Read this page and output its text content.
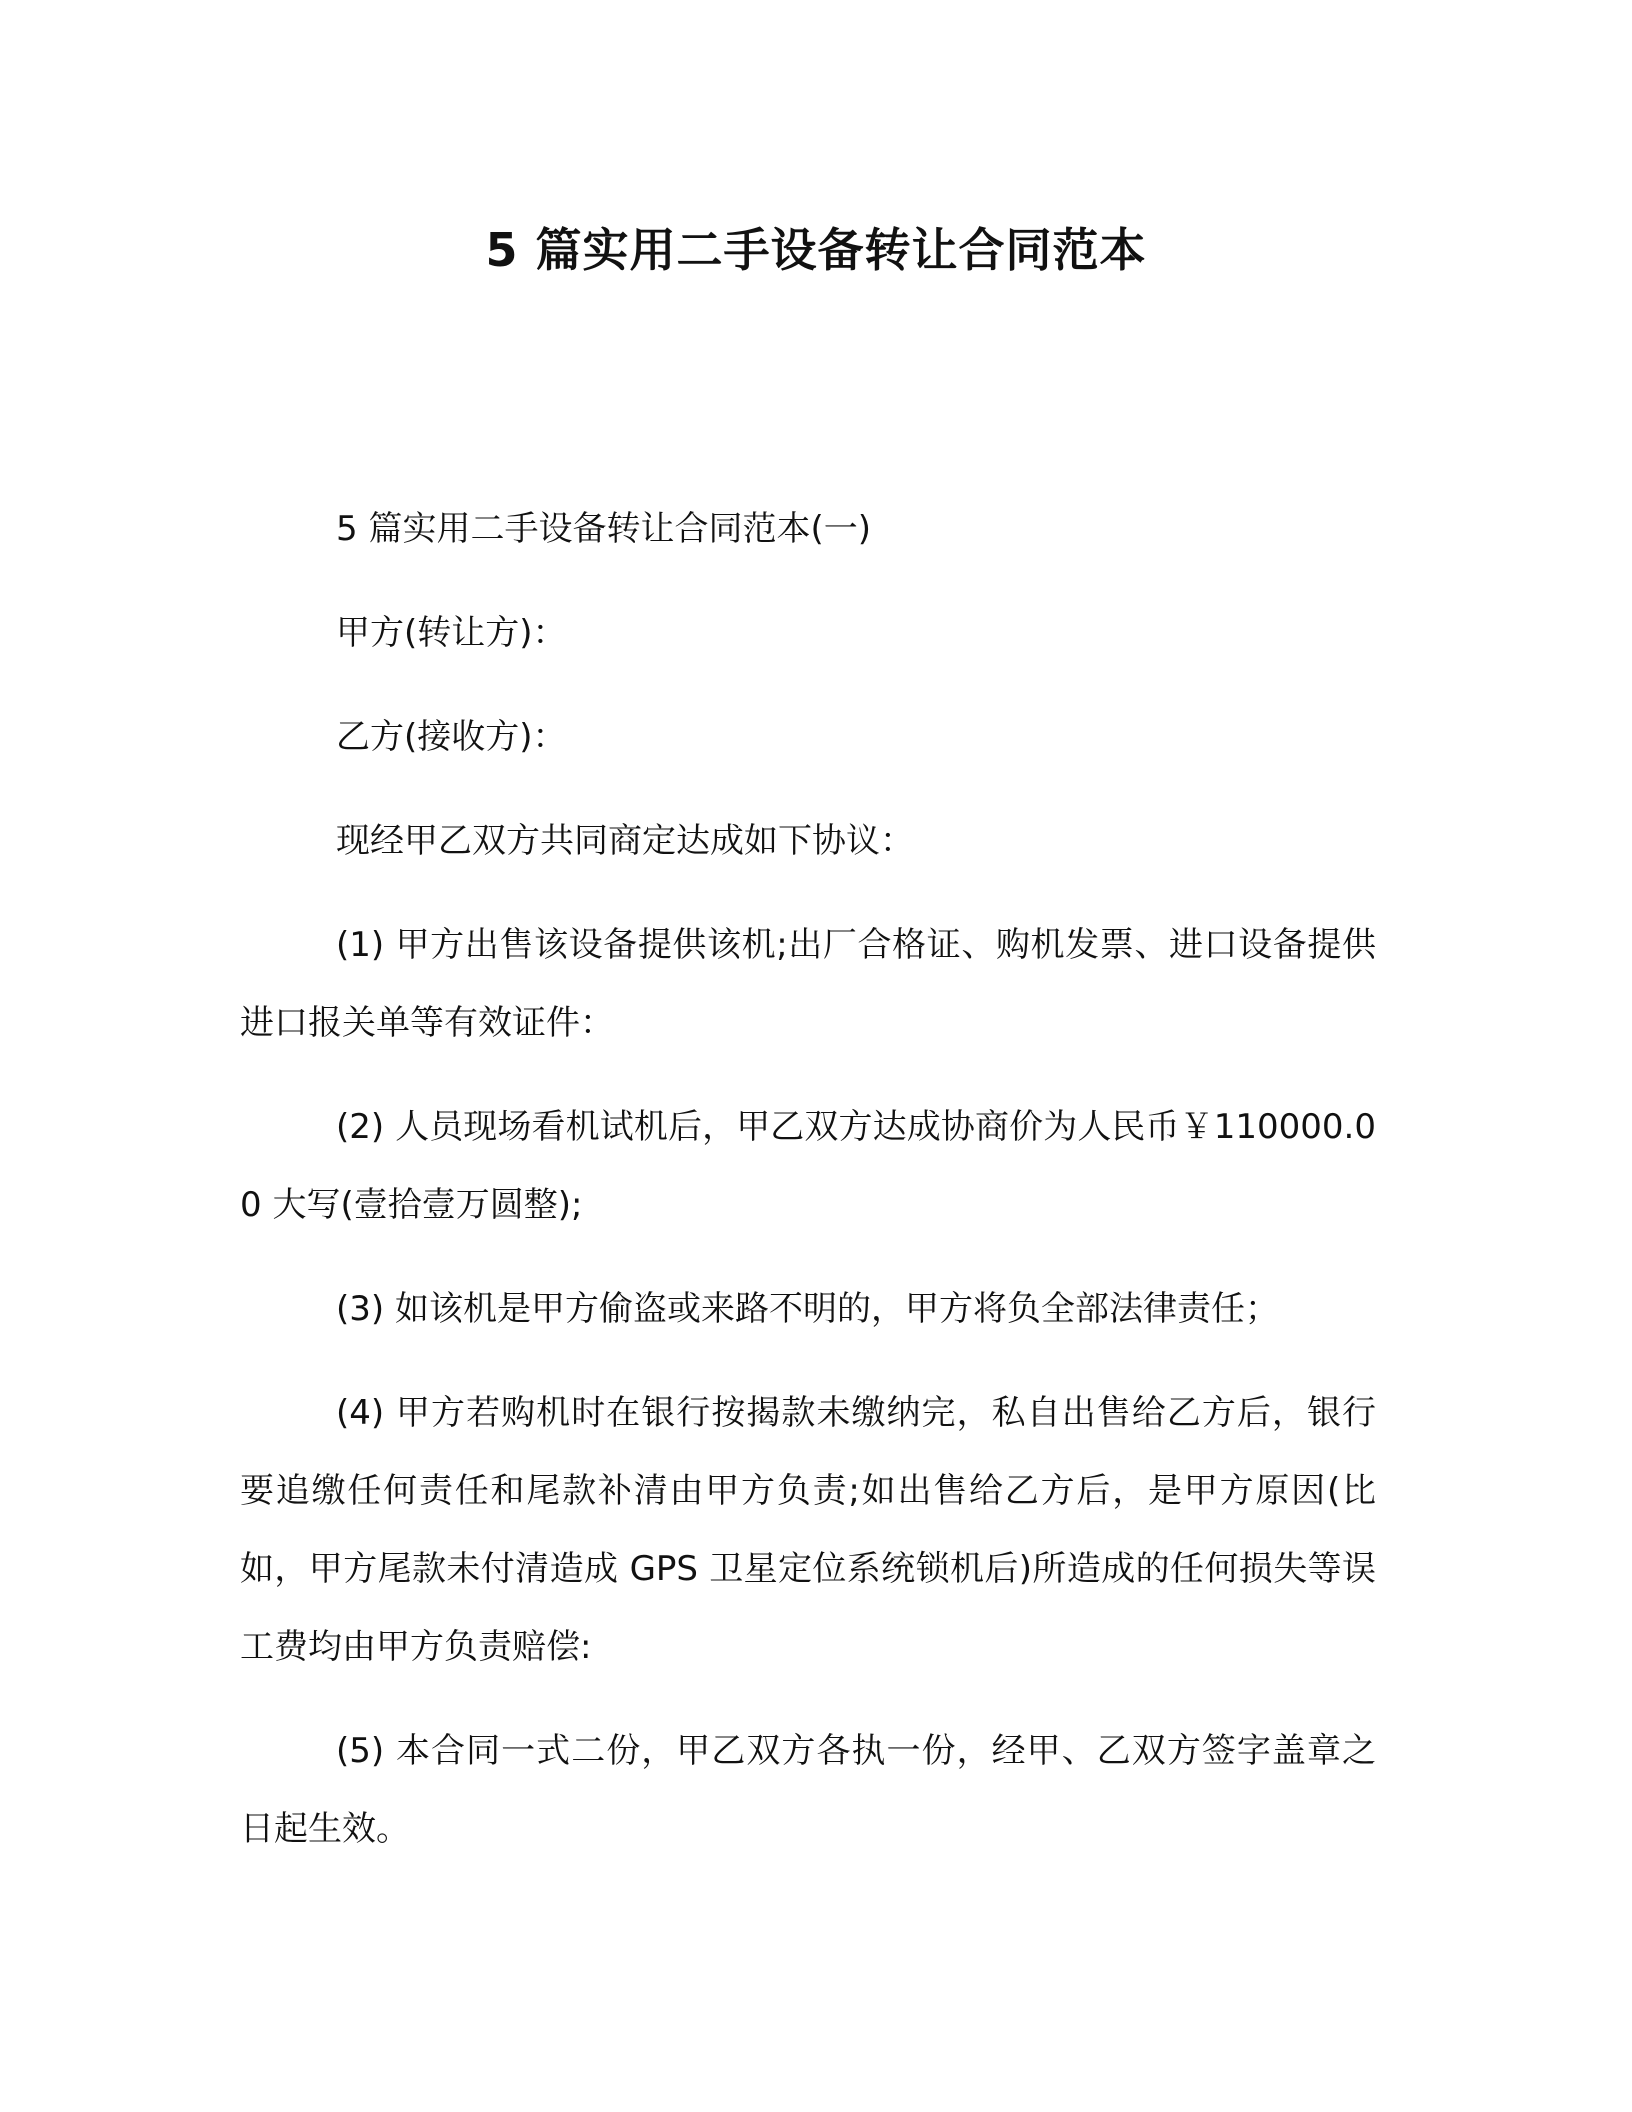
5 篇实用二手设备转让合同范本

5 篇实用二手设备转让合同范本(一)

甲方(转让方)：

乙方(接收方)：

现经甲乙双方共同商定达成如下协议：

(1) 甲方出售该设备提供该机;出厂合格证、购机发票、进口设备提供进口报关单等有效证件：

(2) 人员现场看机试机后，甲乙双方达成协商价为人民币￥110000.00 大写(壹拾壹万圆整);

(3) 如该机是甲方偷盗或来路不明的，甲方将负全部法律责任；

(4) 甲方若购机时在银行按揭款未缴纳完，私自出售给乙方后，银行要追缴任何责任和尾款补清由甲方负责;如出售给乙方后，是甲方原因(比如，甲方尾款未付清造成 GPS 卫星定位系统锁机后)所造成的任何损失等误工费均由甲方负责赔偿:

(5) 本合同一式二份，甲乙双方各执一份，经甲、乙双方签字盖章之日起生效。
